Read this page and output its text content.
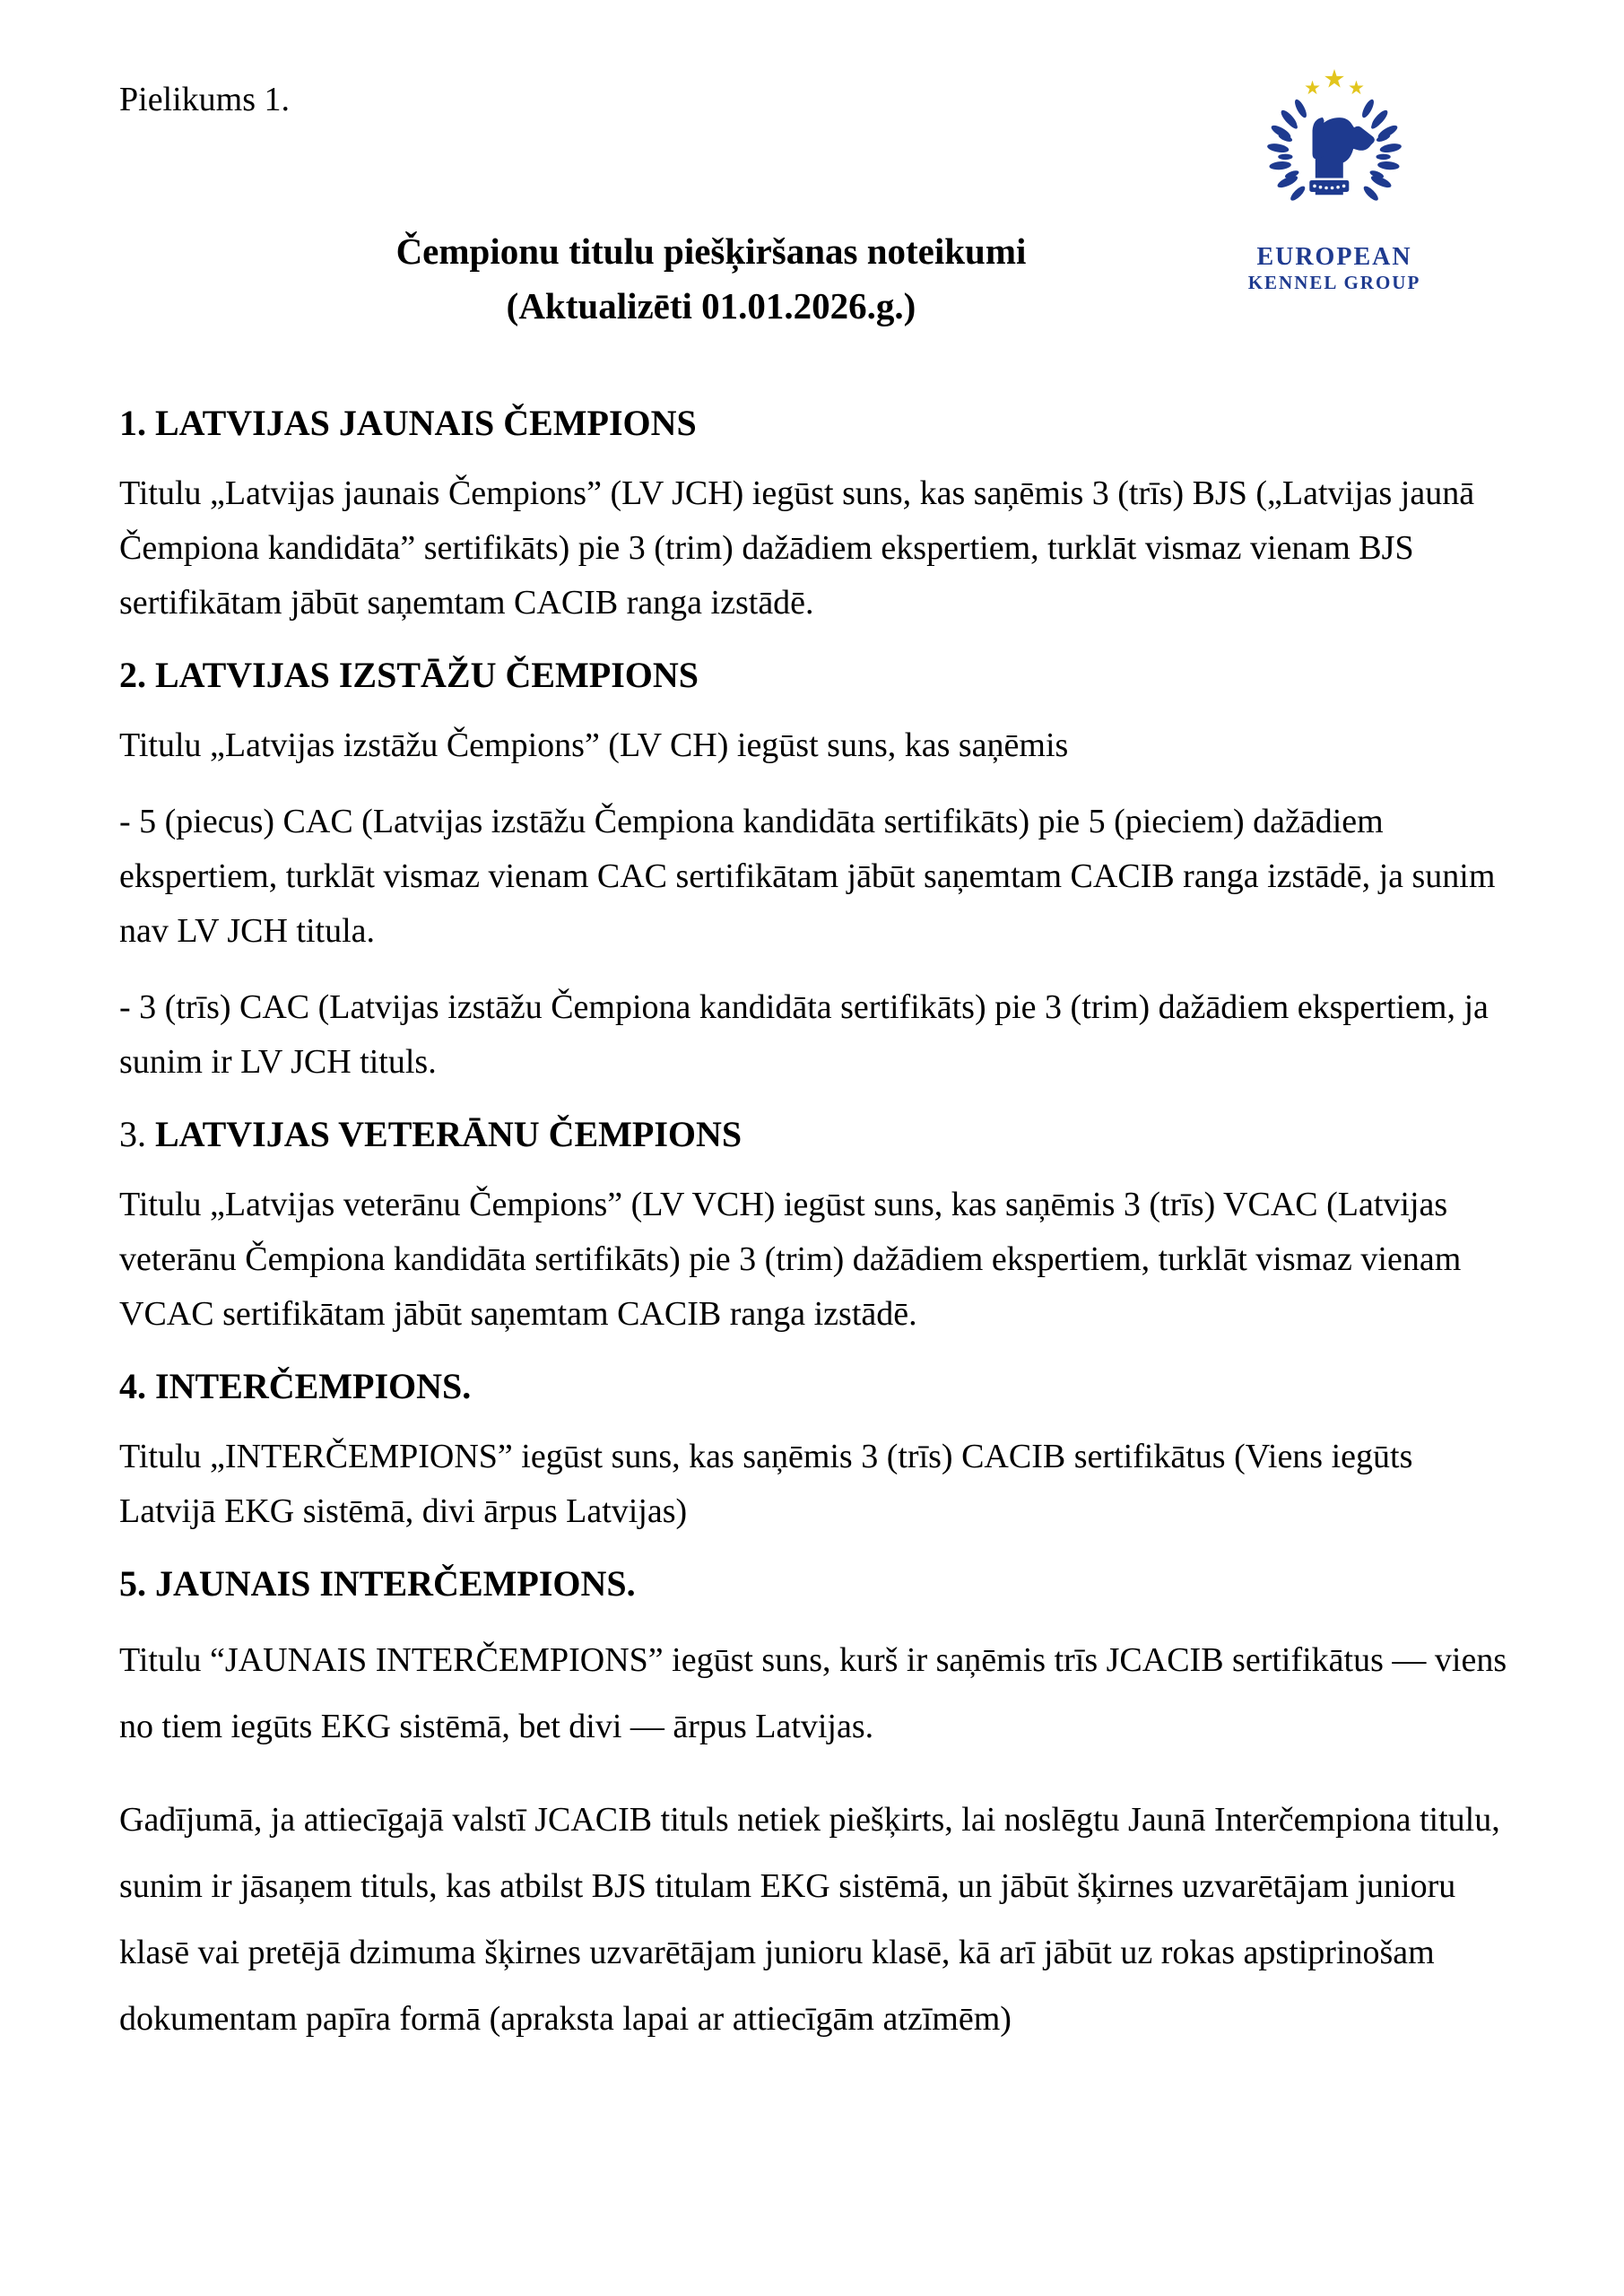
Pielikums 1.
EUROPEAN
KENNEL GROUP
Čempionu titulu piešķiršanas noteikumi
(Aktualizēti 01.01.2026.g.)
1. LATVIJAS JAUNAIS ČEMPIONS

Titulu „Latvijas jaunais Čempions” (LV JCH) iegūst suns, kas saņēmis 3 (trīs) BJS („Latvijas jaunā Čempiona kandidāta” sertifikāts) pie 3 (trim) dažādiem ekspertiem, turklāt vismaz vienam BJS sertifikātam jābūt saņemtam CACIB ranga izstādē.

2. LATVIJAS IZSTĀŽU ČEMPIONS

Titulu „Latvijas izstāžu Čempions” (LV CH) iegūst suns, kas saņēmis

- 5 (piecus) CAC (Latvijas izstāžu Čempiona kandidāta sertifikāts) pie 5 (pieciem) dažādiem ekspertiem, turklāt vismaz vienam CAC sertifikātam jābūt saņemtam CACIB ranga izstādē, ja sunim nav LV JCH titula.

- 3 (trīs) CAC (Latvijas izstāžu Čempiona kandidāta sertifikāts) pie 3 (trim) dažādiem ekspertiem, ja sunim ir LV JCH tituls.

3. LATVIJAS VETERĀNU ČEMPIONS

Titulu „Latvijas veterānu Čempions” (LV VCH) iegūst suns, kas saņēmis 3 (trīs) VCAC (Latvijas veterānu Čempiona kandidāta sertifikāts) pie 3 (trim) dažādiem ekspertiem, turklāt vismaz vienam VCAC sertifikātam jābūt saņemtam CACIB ranga izstādē.

4. INTERČEMPIONS.

Titulu „INTERČEMPIONS” iegūst suns, kas saņēmis 3 (trīs) CACIB sertifikātus (Viens iegūts Latvijā EKG sistēmā, divi ārpus Latvijas)

5. JAUNAIS INTERČEMPIONS.

Titulu “JAUNAIS INTERČEMPIONS” iegūst suns, kurš ir saņēmis trīs JCACIB sertifikātus — viens no tiem iegūts EKG sistēmā, bet divi — ārpus Latvijas.

Gadījumā, ja attiecīgajā valstī JCACIB tituls netiek piešķirts, lai noslēgtu Jaunā Interčempiona titulu, sunim ir jāsaņem tituls, kas atbilst BJS titulam EKG sistēmā, un jābūt šķirnes uzvarētājam junioru klasē vai pretējā dzimuma šķirnes uzvarētājam junioru klasē, kā arī jābūt uz rokas apstiprinošam dokumentam papīra formā (apraksta lapai ar attiecīgām atzīmēm)
